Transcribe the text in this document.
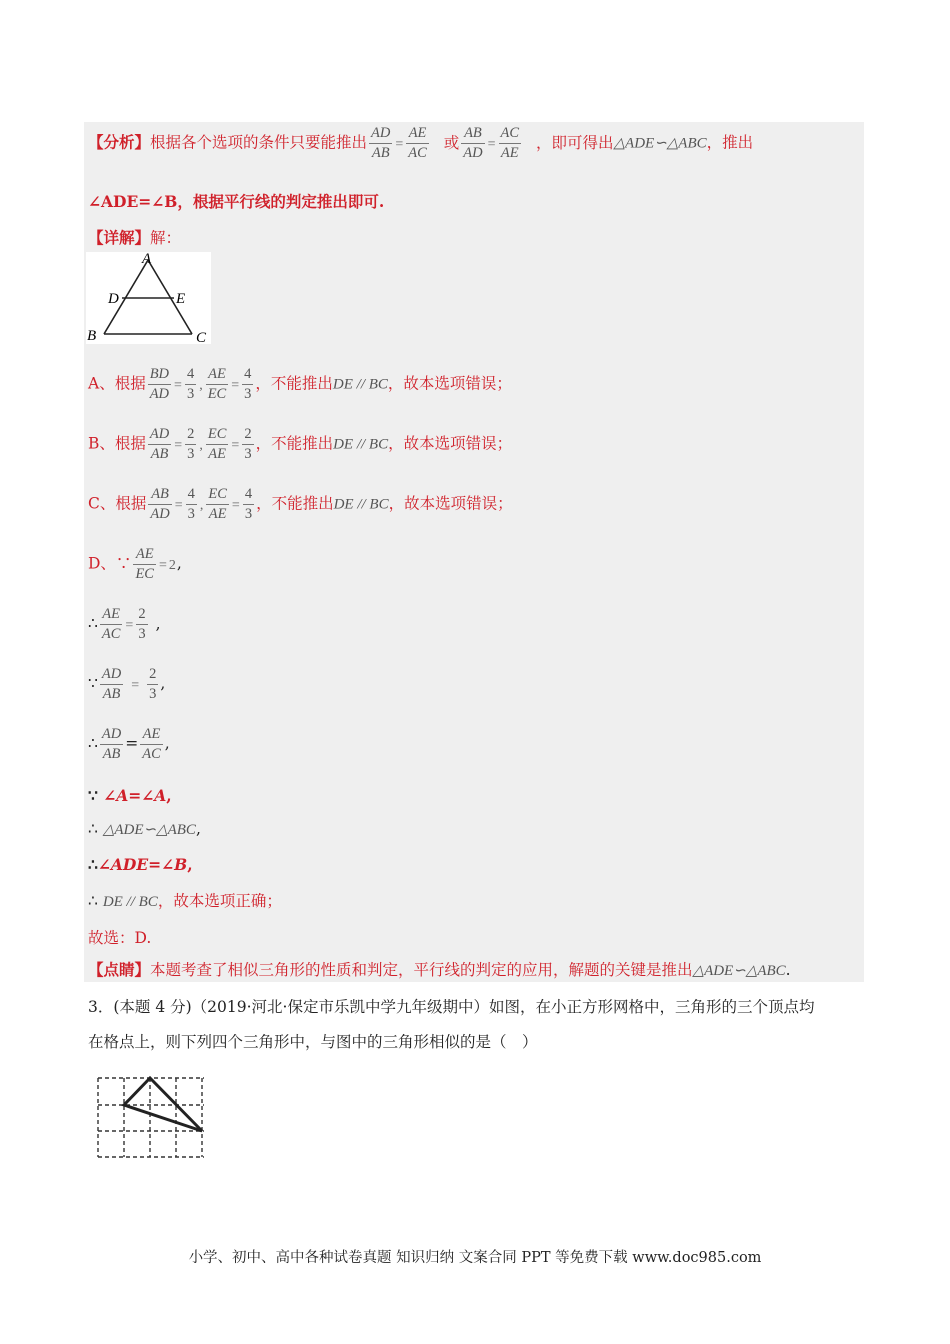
【分析】根据各个选项的条件只要能推出 $\frac{AD}{AB} = \frac{AE}{AC}$ 或 $\frac{AB}{AD} = \frac{AC}{AE}$ ，即可得出△ADE∽△ABC，推出
∠ADE=∠B，根据平行线的判定推出即可.
【详解】解：
A
D	E
B	C
A、根据 $\frac{BD}{AD} = \frac{4}{3}$ , $\frac{AE}{EC} = \frac{4}{3}$ ，不能推出DE // BC，故本选项错误；
B、根据 $\frac{AD}{AB} = \frac{2}{3}$ , $\frac{EC}{AE} = \frac{2}{3}$ ，不能推出DE // BC，故本选项错误；
C、根据 $\frac{AB}{AD} = \frac{4}{3}$ , $\frac{EC}{AE} = \frac{4}{3}$ ，不能推出DE // BC，故本选项错误；
D、∵ $\frac{AE}{EC} = 2$,
∴ $\frac{AE}{AC} = \frac{2}{3}$ ,
∵ $\frac{AD}{AB} = \frac{2}{3}$ ,
∴ $\frac{AD}{AB} = \frac{AE}{AC}$ ,
∵ ∠A=∠A,
∴ △ADE∽△ABC,
∴∠ADE=∠B,
∴ DE // BC，故本选项正确；
故选：D.
【点睛】本题考查了相似三角形的性质和判定，平行线的判定的应用，解题的关键是推出△ADE∽△ABC.
3．(本题 4 分)（2019·河北·保定市乐凯中学九年级期中）如图，在小正方形网格中，三角形的三个顶点均
在格点上，则下列四个三角形中，与图中的三角形相似的是（　）
小学、初中、高中各种试卷真题 知识归纳 文案合同 PPT 等免费下载 www.doc985.com
